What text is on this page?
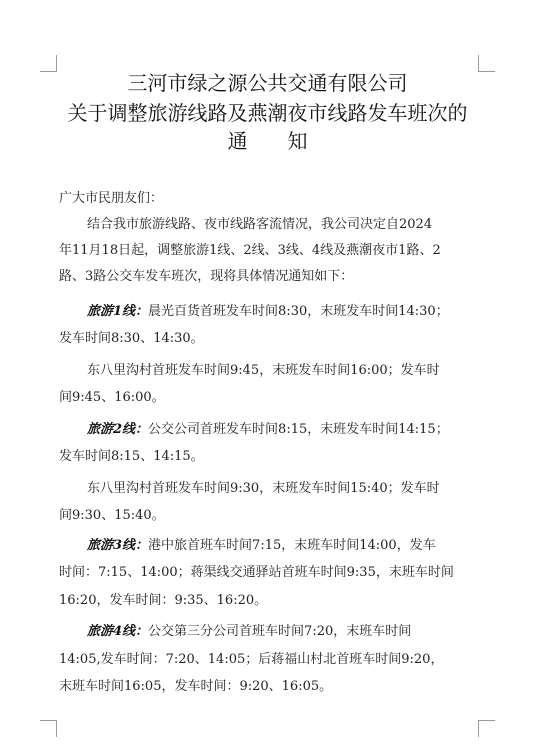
三河市绿之源公共交通有限公司
关于调整旅游线路及燕潮夜市线路发车班次的
通 知
广大市民朋友们：
结合我市旅游线路、夜市线路客流情况，我公司决定自2024
年11月18日起，调整旅游1线、2线、3线、4线及燕潮夜市1路、2
路、3路公交车发车班次，现将具体情况通知如下：
旅游1线：晨光百货首班发车时间8:30，末班发车时间14:30；
发车时间8:30、14:30。
东八里沟村首班发车时间9:45，末班发车时间16:00；发车时
间9:45、16:00。
旅游2线：公交公司首班发车时间8:15，末班发车时间14:15；
发车时间8:15、14:15。
东八里沟村首班发车时间9:30，末班发车时间15:40；发车时
间9:30、15:40。
旅游3线：港中旅首班车时间7:15，末班车时间14:00，发车
时间：7:15、14:00；蒋渠线交通驿站首班车时间9:35，末班车时间
16:20，发车时间：9:35、16:20。
旅游4线：公交第三分公司首班车时间7:20，末班车时间
14:05,发车时间：7:20、14:05；后蒋福山村北首班车时间9:20，
末班车时间16:05，发车时间：9:20、16:05。
